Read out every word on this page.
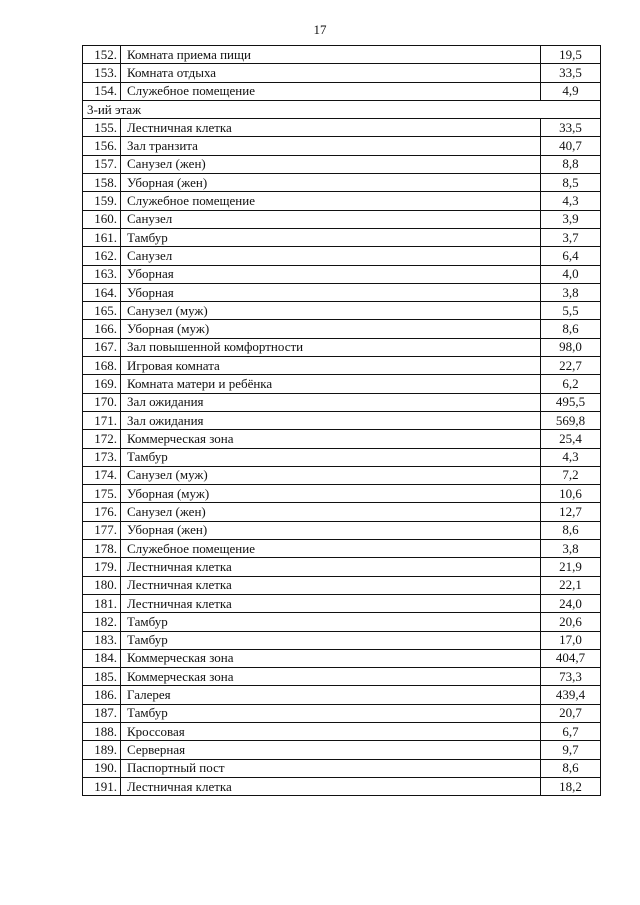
17
152.	Комната приема пищи	19,5
153.	Комната отдыха	33,5
154.	Служебное помещение	4,9
3-ий этаж		
155.	Лестничная клетка	33,5
156.	Зал транзита	40,7
157.	Санузел (жен)	8,8
158.	Уборная (жен)	8,5
159.	Служебное помещение	4,3
160.	Санузел	3,9
161.	Тамбур	3,7
162.	Санузел	6,4
163.	Уборная	4,0
164.	Уборная	3,8
165.	Санузел (муж)	5,5
166.	Уборная (муж)	8,6
167.	Зал повышенной комфортности	98,0
168.	Игровая комната	22,7
169.	Комната матери и ребёнка	6,2
170.	Зал ожидания	495,5
171.	Зал ожидания	569,8
172.	Коммерческая зона	25,4
173.	Тамбур	4,3
174.	Санузел (муж)	7,2
175.	Уборная (муж)	10,6
176.	Санузел (жен)	12,7
177.	Уборная (жен)	8,6
178.	Служебное помещение	3,8
179.	Лестничная клетка	21,9
180.	Лестничная клетка	22,1
181.	Лестничная клетка	24,0
182.	Тамбур	20,6
183.	Тамбур	17,0
184.	Коммерческая зона	404,7
185.	Коммерческая зона	73,3
186.	Галерея	439,4
187.	Тамбур	20,7
188.	Кроссовая	6,7
189.	Серверная	9,7
190.	Паспортный пост	8,6
191.	Лестничная клетка	18,2
